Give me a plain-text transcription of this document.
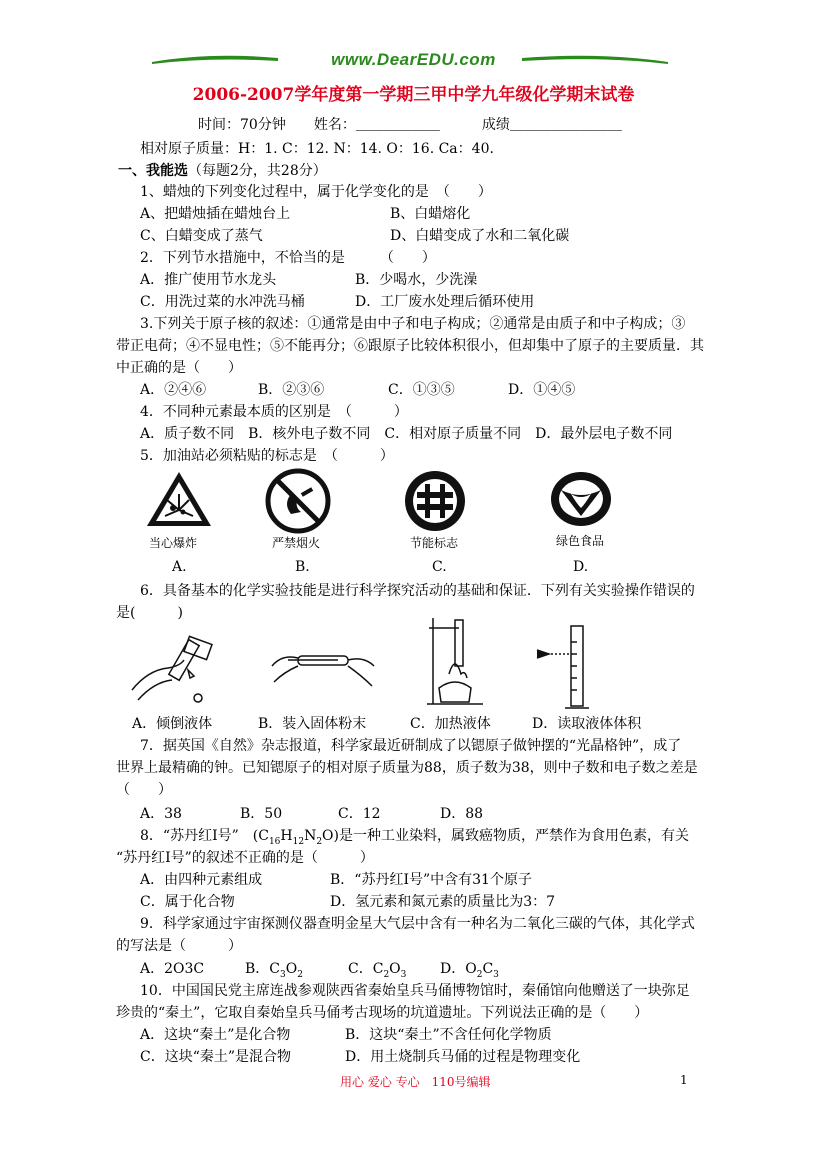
www.DearEDU.com
2006-2007学年度第一学期三甲中学九年级化学期末试卷
时间：70分钟　　姓名：＿＿＿＿＿＿　　　成绩＿＿＿＿＿＿＿＿
相对原子质量：H：1. C：12. N：14. O：16. Ca：40.
一、我能选（每题2分，共28分）
1、蜡烛的下列变化过程中，属于化学变化的是　（　　）
A、把蜡烛插在蜡烛台上	B、白蜡熔化
C、白蜡变成了蒸气	D、白蜡变成了水和二氧化碳
2．下列节水措施中，不恰当的是　　　（　　）
A．推广使用节水龙头	B．少喝水，少洗澡
C．用洗过菜的水冲洗马桶	D．工厂废水处理后循环使用
3.下列关于原子核的叙述：①通常是由中子和电子构成；②通常是由质子和中子构成；③
带正电荷；④不显电性；⑤不能再分；⑥跟原子比较体积很小，但却集中了原子的主要质量．其
中正确的是（　　）
A．②④⑥	B．②③⑥	C．①③⑤	D．①④⑤
4．不同种元素最本质的区别是　（　　　）
A．质子数不同　B．核外电子数不同　C．相对原子质量不同　D．最外层电子数不同
5．加油站必须粘贴的标志是　（　　　）
当心爆炸	严禁烟火	节能标志	绿色食品
A.	B.	C.	D.
6．具备基本的化学实验技能是进行科学探究活动的基础和保证．下列有关实验操作错误的
是(　　　)
A．倾倒液体	B．装入固体粉末	C．加热液体	D．读取液体体积
7．据英国《自然》杂志报道，科学家最近研制成了以锶原子做钟摆的“光晶格钟”，成了
世界上最精确的钟。已知锶原子的相对原子质量为88，质子数为38，则中子数和电子数之差是
（　　）
A．38	B．50	C．12	D．88
8．“苏丹红Ⅰ号”　$(C_{16}H_{12}N_2O)$是一种工业染料，属致癌物质，严禁作为食用色素，有关
“苏丹红Ⅰ号”的叙述不正确的是（　　　）
A．由四种元素组成	B．“苏丹红Ⅰ号”中含有31个原子
C．属于化合物	D．氢元素和氮元素的质量比为3：7
9．科学家通过宇宙探测仪器查明金星大气层中含有一种名为二氧化三碳的气体，其化学式
的写法是（　　　）
A．2O3C	B．$C_3O_2$	C．$C_2O_3$ D．$O_2C_3$
10．中国国民党主席连战参观陕西省秦始皇兵马俑博物馆时，秦俑馆向他赠送了一块弥足
珍贵的“秦土”，它取自秦始皇兵马俑考古现场的坑道遗址。下列说法正确的是（　　）
A．这块“秦土”是化合物	B．这块“秦土”不含任何化学物质
C．这块“秦土”是混合物	D．用土烧制兵马俑的过程是物理变化
用心 爱心 专心　110号编辑	1
